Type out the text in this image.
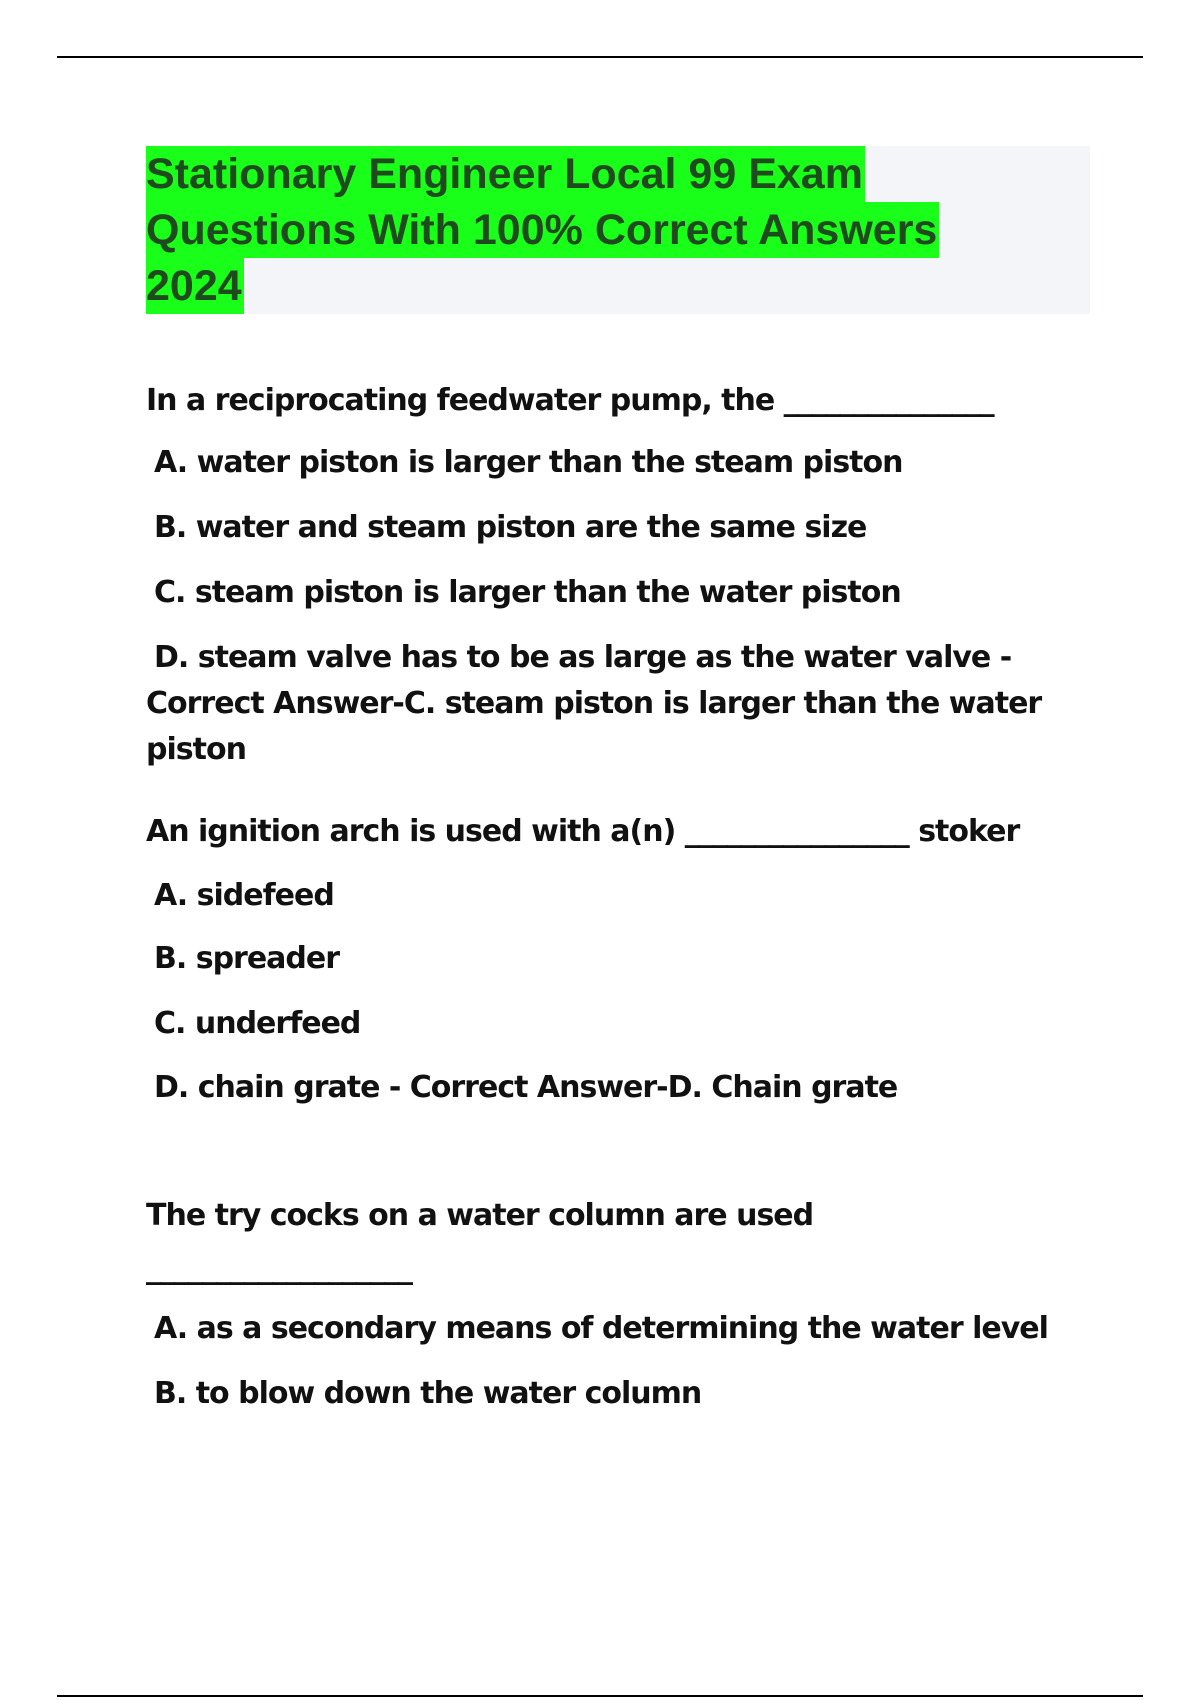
Stationary Engineer Local 99 Exam
Questions With 100% Correct Answers
2024
In a reciprocating feedwater pump, the _______________
A. water piston is larger than the steam piston
B. water and steam piston are the same size
C. steam piston is larger than the water piston
D. steam valve has to be as large as the water valve - Correct Answer-C. steam piston is larger than the water piston
An ignition arch is used with a(n) ________________ stoker
A. sidefeed
B. spreader
C. underfeed
D. chain grate - Correct Answer-D. Chain grate
The try cocks on a water column are used
___________________
A. as a secondary means of determining the water level
B. to blow down the water column
